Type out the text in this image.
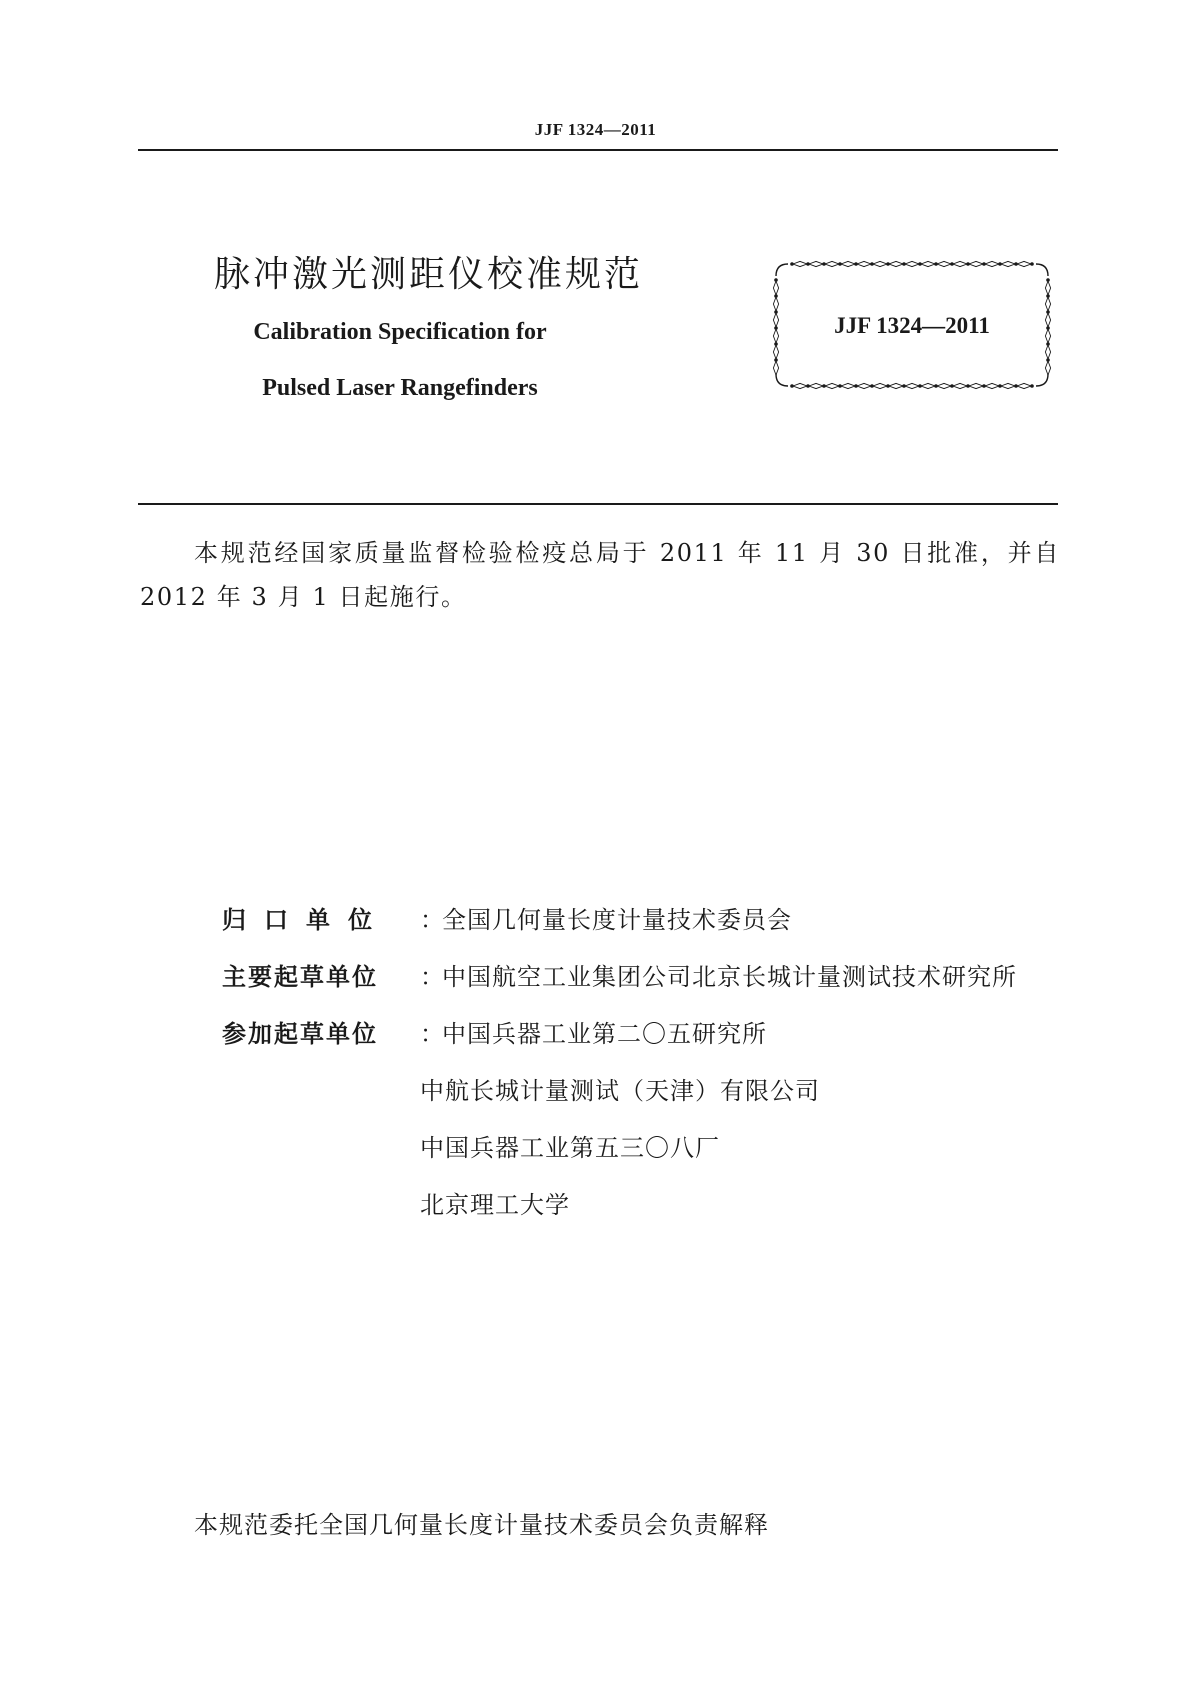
JJF 1324—2011
脉冲激光测距仪校准规范
Calibration Specification for
Pulsed Laser Rangefinders
JJF 1324—2011
本规范经国家质量监督检验检疫总局于 2011 年 11 月 30 日批准，并自 2012 年 3 月 1 日起施行。
归口单位 ：全国几何量长度计量技术委员会
主要起草单位 ：中国航空工业集团公司北京长城计量测试技术研究所
参加起草单位 ：中国兵器工业第二〇五研究所
中航长城计量测试（天津）有限公司
中国兵器工业第五三〇八厂
北京理工大学
本规范委托全国几何量长度计量技术委员会负责解释
